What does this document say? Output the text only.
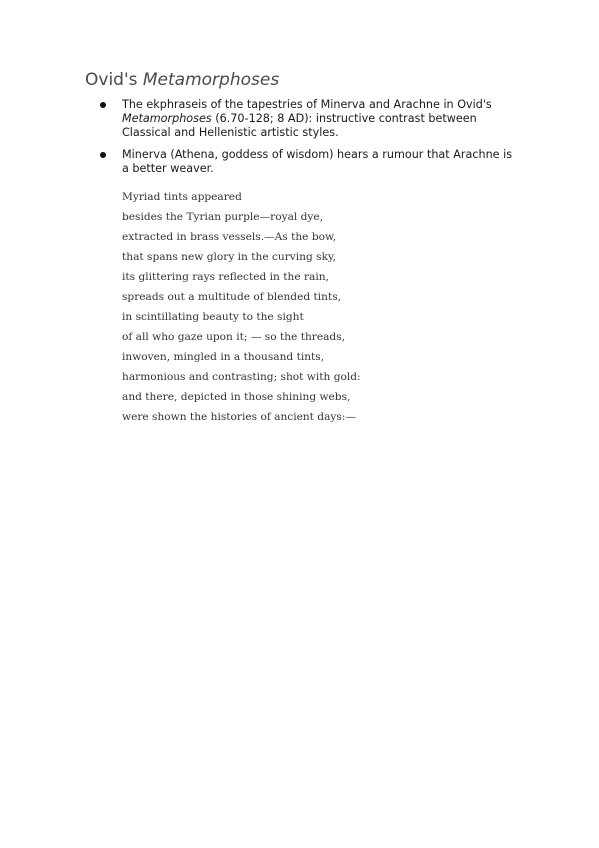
Ovid's Metamorphoses
The ekphraseis of the tapestries of Minerva and Arachne in Ovid's Metamorphoses (6.70-128; 8 AD): instructive contrast between Classical and Hellenistic artistic styles.
Minerva (Athena, goddess of wisdom) hears a rumour that Arachne is a better weaver.
Myriad tints appeared
besides the Tyrian purple—royal dye,
extracted in brass vessels.—As the bow,
that spans new glory in the curving sky,
its glittering rays reflected in the rain,
spreads out a multitude of blended tints,
in scintillating beauty to the sight
of all who gaze upon it; — so the threads,
inwoven, mingled in a thousand tints,
harmonious and contrasting; shot with gold:
and there, depicted in those shining webs,
were shown the histories of ancient days:—
